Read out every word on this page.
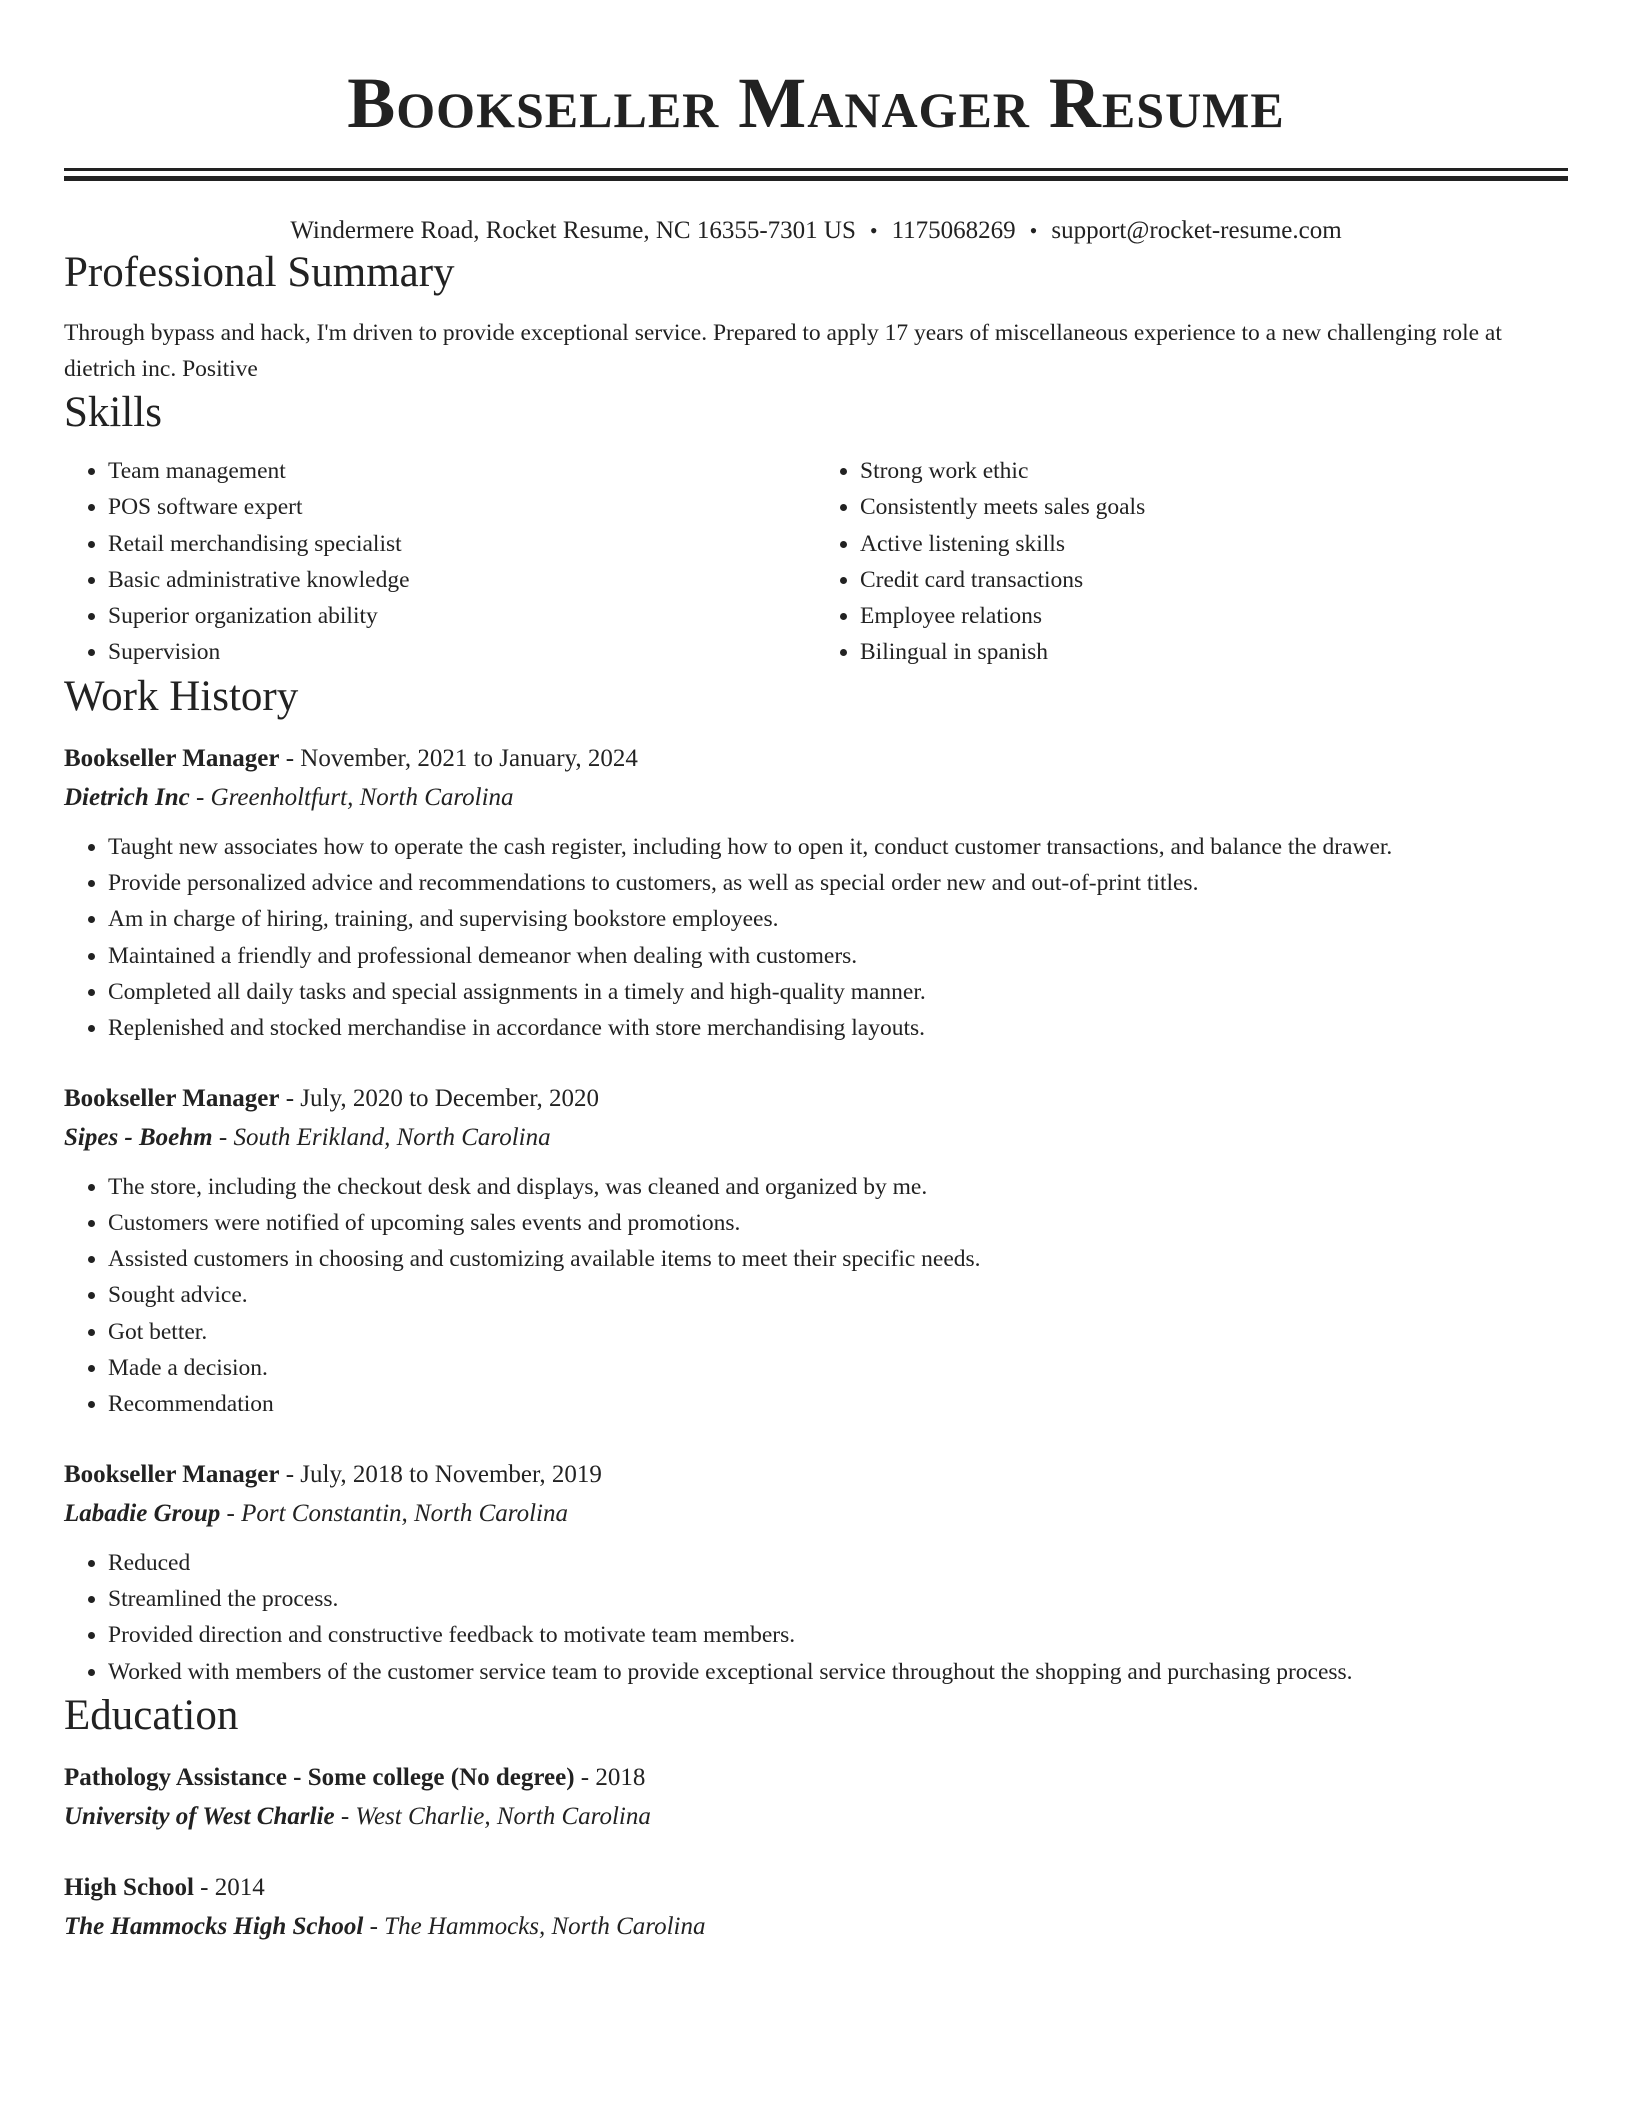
Bookseller Manager Resume
Windermere Road, Rocket Resume, NC 16355-7301 US • 1175068269 • support@rocket-resume.com
Professional Summary
Through bypass and hack, I'm driven to provide exceptional service. Prepared to apply 17 years of miscellaneous experience to a new challenging role at dietrich inc. Positive
Skills
• Team management
• POS software expert
• Retail merchandising specialist
• Basic administrative knowledge
• Superior organization ability
• Supervision
• Strong work ethic
• Consistently meets sales goals
• Active listening skills
• Credit card transactions
• Employee relations
• Bilingual in spanish
Work History
Bookseller Manager - November, 2021 to January, 2024
Dietrich Inc - Greenholtfurt, North Carolina
• Taught new associates how to operate the cash register, including how to open it, conduct customer transactions, and balance the drawer.
• Provide personalized advice and recommendations to customers, as well as special order new and out-of-print titles.
• Am in charge of hiring, training, and supervising bookstore employees.
• Maintained a friendly and professional demeanor when dealing with customers.
• Completed all daily tasks and special assignments in a timely and high-quality manner.
• Replenished and stocked merchandise in accordance with store merchandising layouts.
Bookseller Manager - July, 2020 to December, 2020
Sipes - Boehm - South Erikland, North Carolina
• The store, including the checkout desk and displays, was cleaned and organized by me.
• Customers were notified of upcoming sales events and promotions.
• Assisted customers in choosing and customizing available items to meet their specific needs.
• Sought advice.
• Got better.
• Made a decision.
• Recommendation
Bookseller Manager - July, 2018 to November, 2019
Labadie Group - Port Constantin, North Carolina
• Reduced
• Streamlined the process.
• Provided direction and constructive feedback to motivate team members.
• Worked with members of the customer service team to provide exceptional service throughout the shopping and purchasing process.
Education
Pathology Assistance - Some college (No degree) - 2018
University of West Charlie - West Charlie, North Carolina
High School - 2014
The Hammocks High School - The Hammocks, North Carolina
